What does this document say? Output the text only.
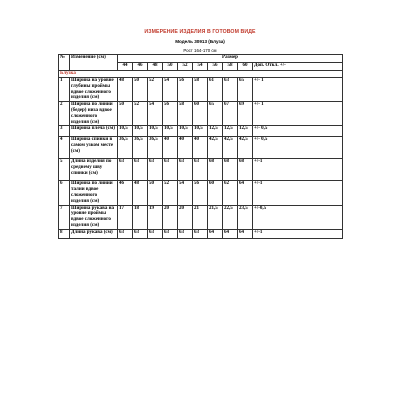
ИЗМЕРЕНИЕ ИЗДЕЛИЯ В ГОТОВОМ ВИДЕ
Модель 30913 (Блуза)
Рост 164-170 см
№	Изменение (см)	Размер									
		44	46	48	50	52	54	56	58	60	Доп. Откл. +/-
Блузка											
1	Ширина на уровне глубины проймы вдвое сложенного изделия (см)	48	50	52	54	56	58	61	63	65	+/- 1
2	Ширина по линии (бедер) низа вдвое сложенного изделия (см)	50	52	54	56	58	60	65	67	69	+/- 1
3	Ширина плеча (см)	10,5	10,5	10,5	10,5	10,5	10,5	12,5	12,5	12,5	+/- 0,5
4	Ширина спинки в самом узком месте (см)	36,5	36,5	36,5	40	40	40	42,5	42,5	42,5	+/- 0,5
5	Длина изделия по среднему шву спинки (см)	63	63	63	63	63	63	68	68	68	+/-1
6	Ширина по линии талии вдвое сложенного изделия (см)	46	48	50	52	54	56	60	62	64	+/-1
7	Ширина рукава на уровне проймы вдвое сложенного изделия (см)	17	18	19	20	20	21	21,5	22,5	23,5	+/-0,5
8	Длина рукава (см)	63	63	63	63	63	63	64	64	64	+/-1
